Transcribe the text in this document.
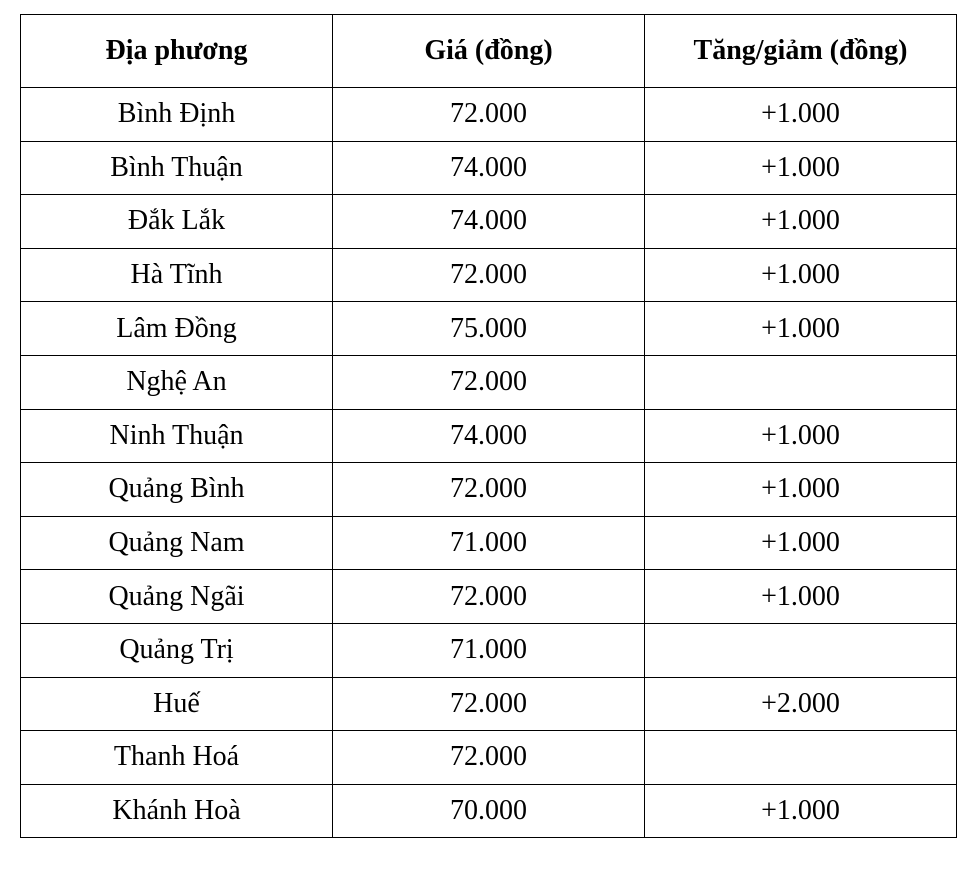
Địa phương	Giá (đồng)	Tăng/giảm (đồng)
Bình Định	72.000	+1.000
Bình Thuận	74.000	+1.000
Đắk Lắk	74.000	+1.000
Hà Tĩnh	72.000	+1.000
Lâm Đồng	75.000	+1.000
Nghệ An	72.000	
Ninh Thuận	74.000	+1.000
Quảng Bình	72.000	+1.000
Quảng Nam	71.000	+1.000
Quảng Ngãi	72.000	+1.000
Quảng Trị	71.000	
Huế	72.000	+2.000
Thanh Hoá	72.000	
Khánh Hoà	70.000	+1.000
